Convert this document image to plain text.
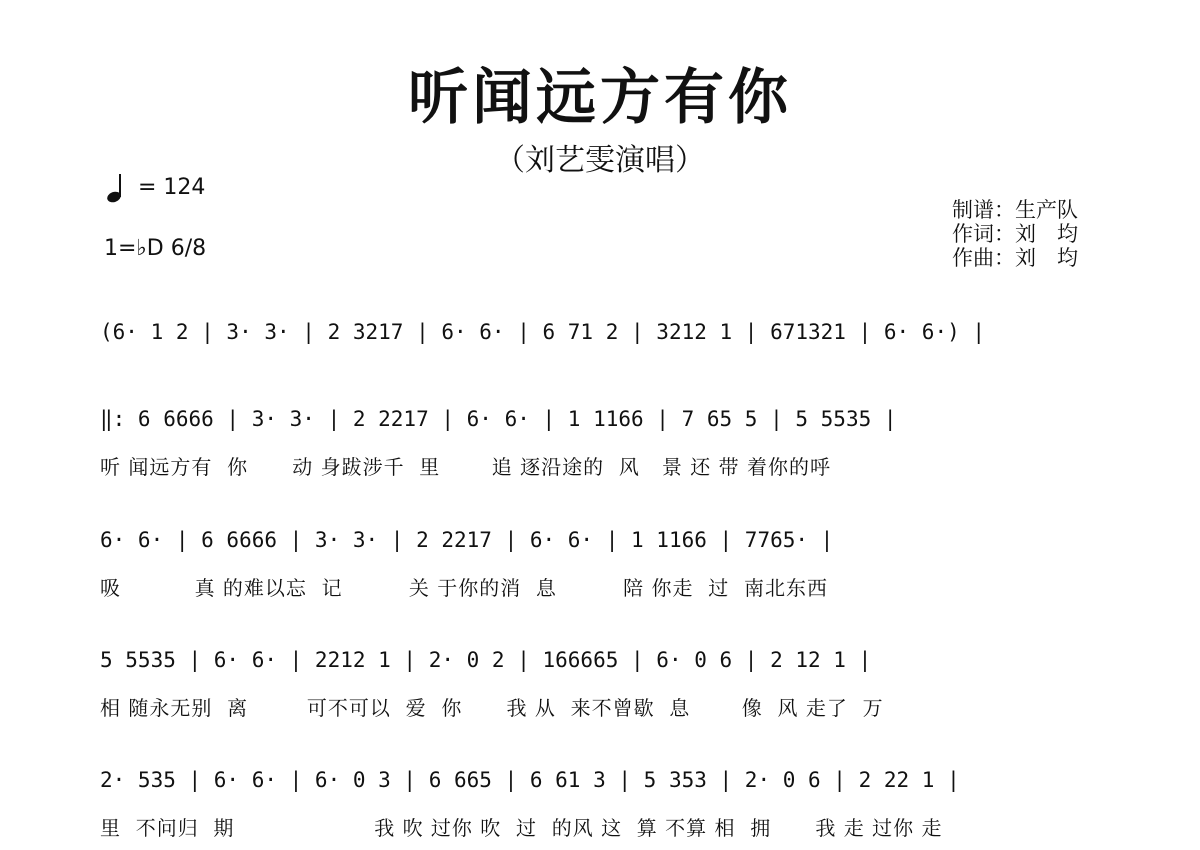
听闻远方有你
（刘艺雯演唱）
= 124
1=♭D 6/8
制谱：生产队
作词：刘　均
作曲：刘　均
(6· 1 2 | 3· 3· | 2 3217 | 6· 6· | 6 71 2 | 3212 1 | 671321 | 6· 6·) |
‖: 6 6666 | 3· 3· | 2 2217 | 6· 6· | 1 1166 | 7 65 5 | 5 5535 |
听 闻远方有  你      动 身跋涉千  里       追 逐沿途的  风   景 还 带 着你的呼
6· 6· | 6 6666 | 3· 3· | 2 2217 | 6· 6· | 1 1166 | 7765· |
吸          真 的难以忘  记         关 于你的消  息         陪 你走  过  南北东西
5 5535 | 6· 6· | 2212 1 | 2· 0 2 | 166665 | 6· 0 6 | 2 12 1 |
相 随永无别  离        可不可以  爱  你      我 从  来不曾歇  息       像  风 走了  万
2· 535 | 6· 6· | 6· 0 3 | 6 665 | 6 61 3 | 5 353 | 2· 0 6 | 2 22 1 |
里  不问归  期                   我 吹 过你 吹  过  的风 这  算 不算 相  拥      我 走 过你 走
